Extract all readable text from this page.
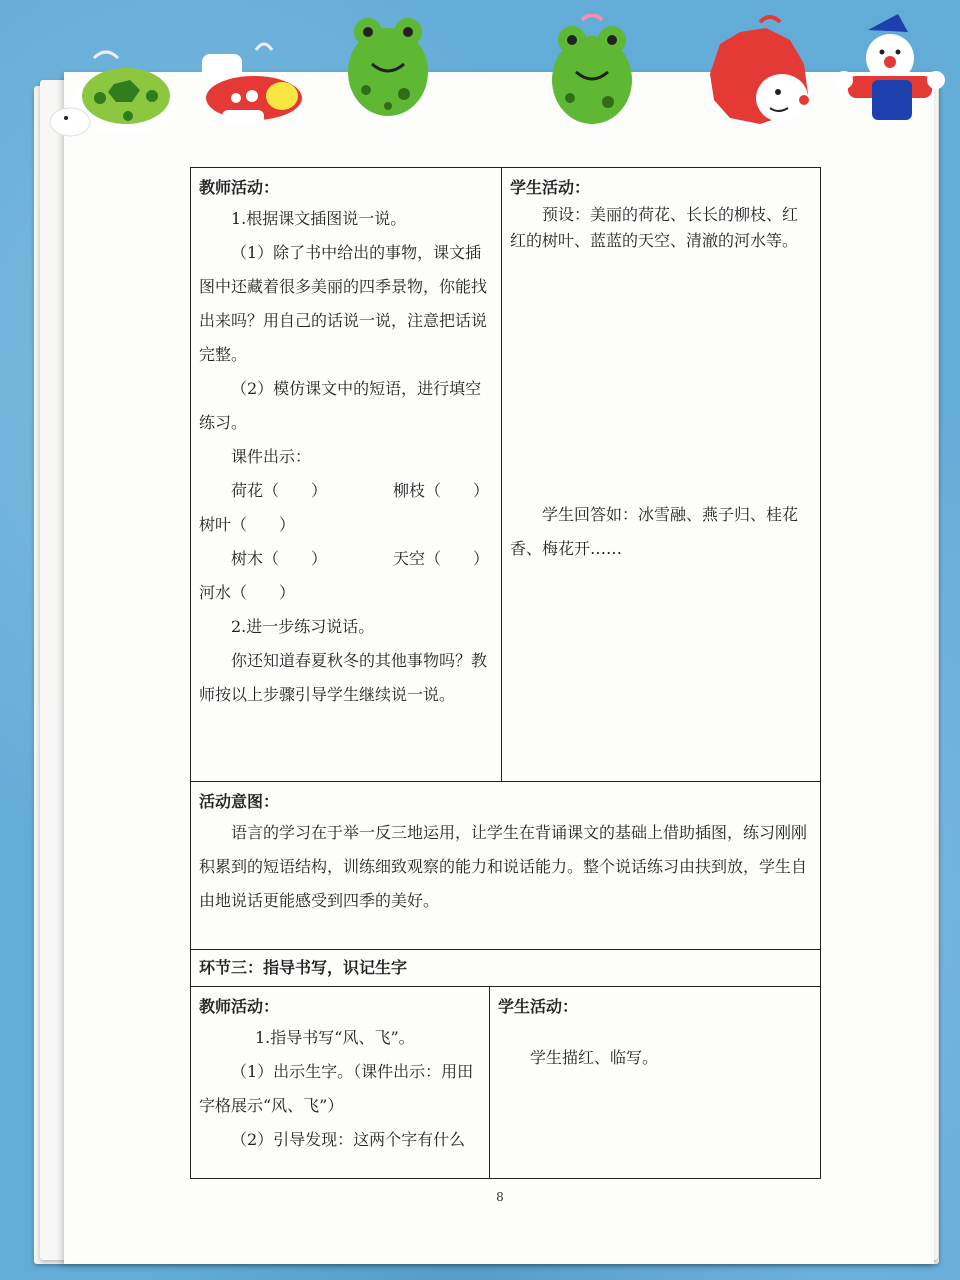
教师活动：
1.根据课文插图说一说。
（1）除了书中给出的事物，课文插图中还藏着很多美丽的四季景物，你能找出来吗？用自己的话说一说，注意把话说完整。
（2）模仿课文中的短语，进行填空练习。
课件出示：
荷花（　　）	柳枝（　　）
树叶（　　）
树木（　　）	天空（　　）
河水（　　）
2.进一步练习说话。
你还知道春夏秋冬的其他事物吗？教师按以上步骤引导学生继续说一说。

学生活动：
预设：美丽的荷花、长长的柳枝、红红的树叶、蓝蓝的天空、清澈的河水等。
学生回答如：冰雪融、燕子归、桂花香、梅花开……

活动意图：
语言的学习在于举一反三地运用，让学生在背诵课文的基础上借助插图，练习刚刚积累到的短语结构，训练细致观察的能力和说话能力。整个说话练习由扶到放，学生自由地说话更能感受到四季的美好。

环节三：指导书写，识记生字
教师活动：
1.指导书写“风、飞”。
（1）出示生字。（课件出示：用田字格展示“风、飞”）
（2）引导发现：这两个字有什么

学生活动：
学生描红、临写。
8
